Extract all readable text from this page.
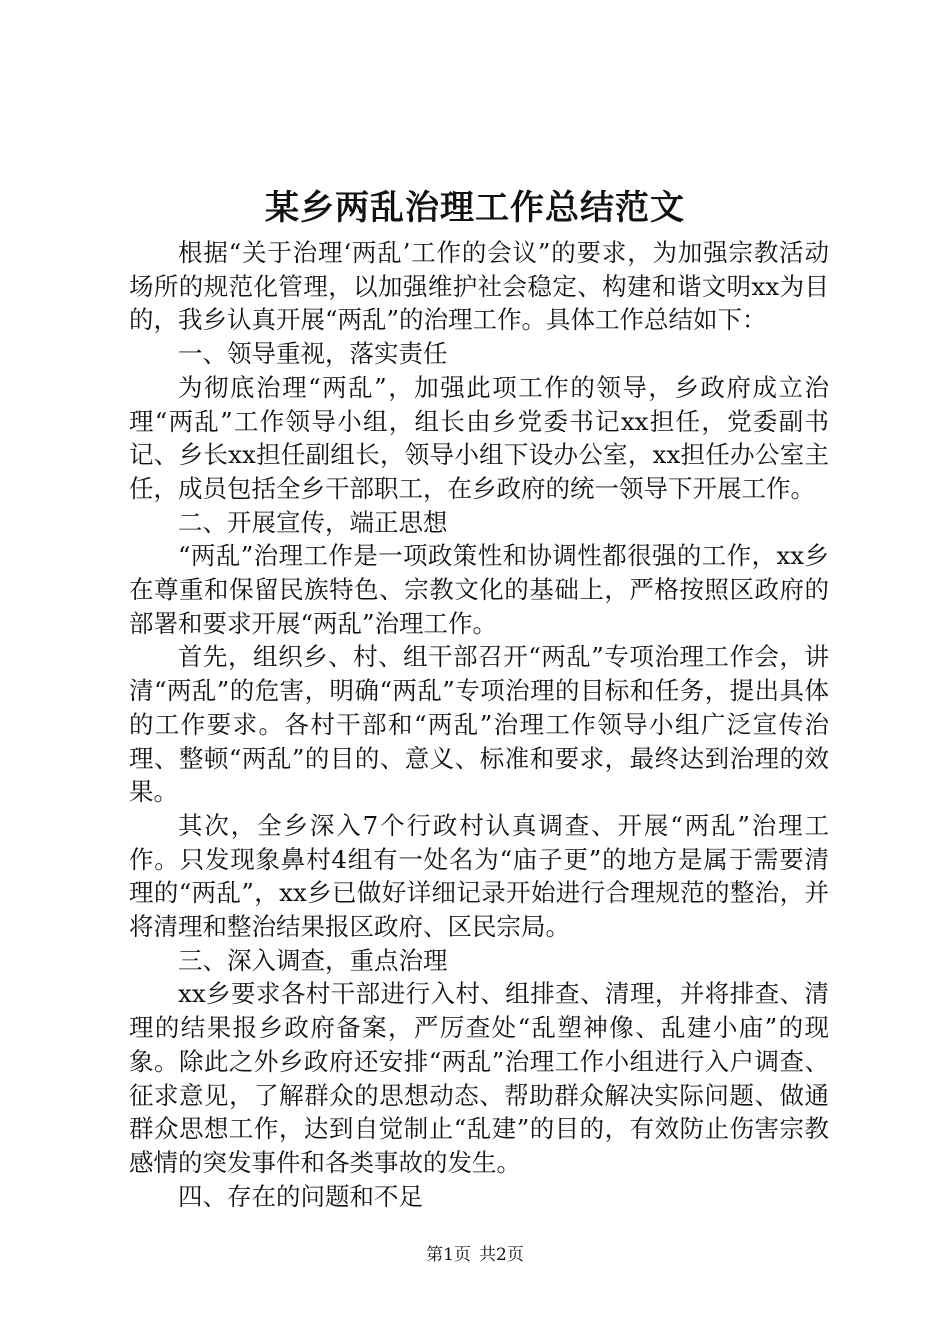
某乡两乱治理工作总结范文

根据“关于治理‘两乱’工作的会议”的要求，为加强宗教活动场所的规范化管理，以加强维护社会稳定、构建和谐文明xx为目的，我乡认真开展“两乱”的治理工作。具体工作总结如下：

一、领导重视，落实责任

为彻底治理“两乱”，加强此项工作的领导，乡政府成立治理“两乱”工作领导小组，组长由乡党委书记xx担任，党委副书记、乡长xx担任副组长，领导小组下设办公室，xx担任办公室主任，成员包括全乡干部职工，在乡政府的统一领导下开展工作。

二、开展宣传，端正思想

“两乱”治理工作是一项政策性和协调性都很强的工作，xx乡在尊重和保留民族特色、宗教文化的基础上，严格按照区政府的部署和要求开展“两乱”治理工作。

首先，组织乡、村、组干部召开“两乱”专项治理工作会，讲清“两乱”的危害，明确“两乱”专项治理的目标和任务，提出具体的工作要求。各村干部和“两乱”治理工作领导小组广泛宣传治理、整顿“两乱”的目的、意义、标准和要求，最终达到治理的效果。

其次，全乡深入7个行政村认真调查、开展“两乱”治理工作。只发现象鼻村4组有一处名为“庙子更”的地方是属于需要清理的“两乱”，xx乡已做好详细记录开始进行合理规范的整治，并将清理和整治结果报区政府、区民宗局。

三、深入调查，重点治理

xx乡要求各村干部进行入村、组排查、清理，并将排查、清理的结果报乡政府备案，严厉查处“乱塑神像、乱建小庙”的现象。除此之外乡政府还安排“两乱”治理工作小组进行入户调查、征求意见，了解群众的思想动态、帮助群众解决实际问题、做通群众思想工作，达到自觉制止“乱建”的目的，有效防止伤害宗教感情的突发事件和各类事故的发生。

四、存在的问题和不足

第1页 共2页
